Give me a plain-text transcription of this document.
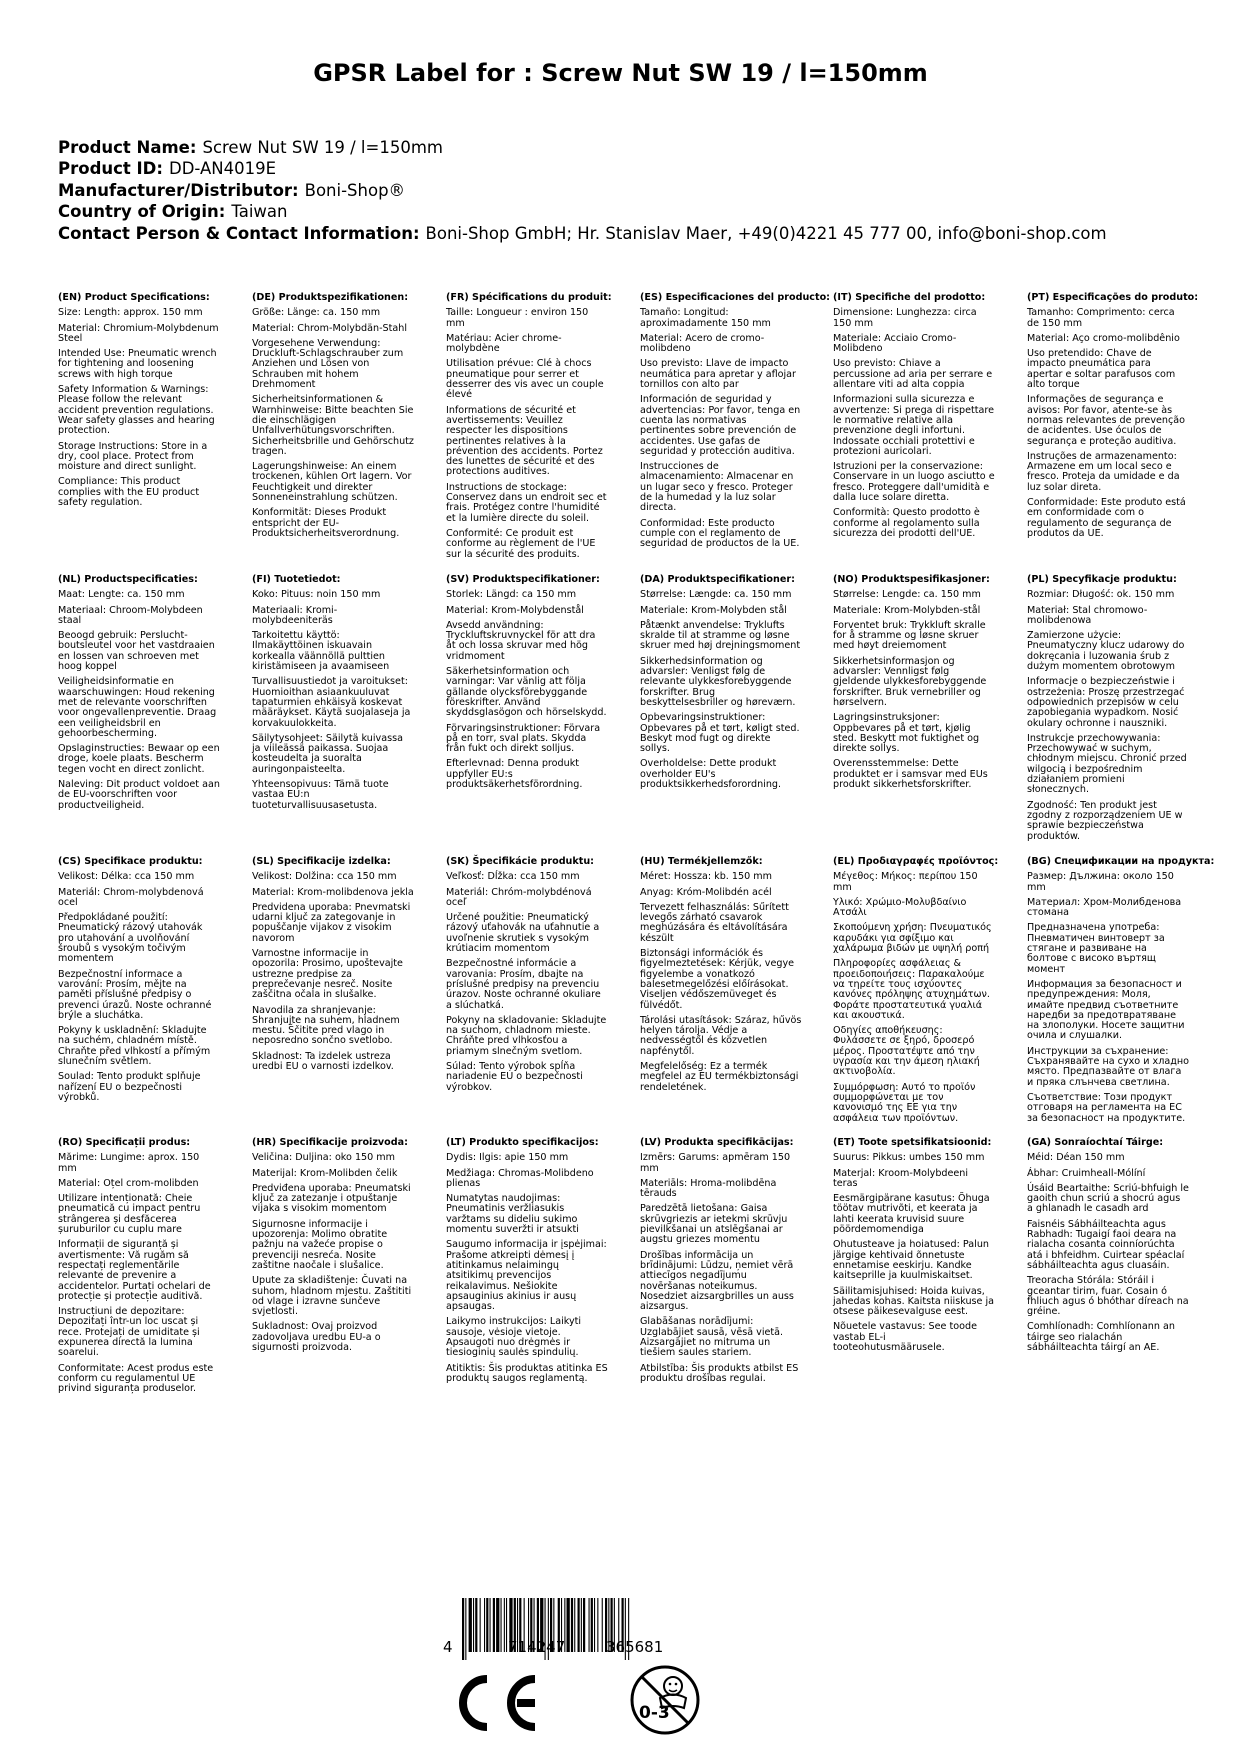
GPSR Label for : Screw Nut SW 19 / l=150mm
Product Name: Screw Nut SW 19 / l=150mm
Product ID: DD-AN4019E
Manufacturer/Distributor: Boni-Shop®
Country of Origin: Taiwan
Contact Person & Contact Information: Boni-Shop GmbH; Hr. Stanislav Maer, +49(0)4221 45 777 00, info@boni-shop.com
(EN) Product Specifications:
Size: Length: approx. 150 mm
Material: Chromium-Molybdenum Steel
Intended Use: Pneumatic wrench for tightening and loosening screws with high torque
Safety Information & Warnings: Please follow the relevant accident prevention regulations. Wear safety glasses and hearing protection.
Storage Instructions: Store in a dry, cool place. Protect from moisture and direct sunlight.
Compliance: This product complies with the EU product safety regulation.
(DE) Produktspezifikationen:
Größe: Länge: ca. 150 mm
Material: Chrom-Molybdän-Stahl
Vorgesehene Verwendung: Druckluft-Schlagschrauber zum Anziehen und Lösen von Schrauben mit hohem Drehmoment
Sicherheitsinformationen & Warnhinweise: Bitte beachten Sie die einschlägigen Unfallverhütungsvorschriften. Sicherheitsbrille und Gehörschutz tragen.
Lagerungshinweise: An einem trockenen, kühlen Ort lagern. Vor Feuchtigkeit und direkter Sonneneinstrahlung schützen.
Konformität: Dieses Produkt entspricht der EU-Produktsicherheitsverordnung.
(FR) Spécifications du produit:
Taille: Longueur : environ 150 mm
Matériau: Acier chrome-molybdène
Utilisation prévue: Clé à chocs pneumatique pour serrer et desserrer des vis avec un couple élevé
Informations de sécurité et avertissements: Veuillez respecter les dispositions pertinentes relatives à la prévention des accidents. Portez des lunettes de sécurité et des protections auditives.
Instructions de stockage: Conservez dans un endroit sec et frais. Protégez contre l'humidité et la lumière directe du soleil.
Conformité: Ce produit est conforme au règlement de l'UE sur la sécurité des produits.
(ES) Especificaciones del producto:
Tamaño: Longitud: aproximadamente 150 mm
Material: Acero de cromo-molibdeno
Uso previsto: Llave de impacto neumática para apretar y aflojar tornillos con alto par
Información de seguridad y advertencias: Por favor, tenga en cuenta las normativas pertinentes sobre prevención de accidentes. Use gafas de seguridad y protección auditiva.
Instrucciones de almacenamiento: Almacenar en un lugar seco y fresco. Proteger de la humedad y la luz solar directa.
Conformidad: Este producto cumple con el reglamento de seguridad de productos de la UE.
(IT) Specifiche del prodotto:
Dimensione: Lunghezza: circa 150 mm
Materiale: Acciaio Cromo-Molibdeno
Uso previsto: Chiave a percussione ad aria per serrare e allentare viti ad alta coppia
Informazioni sulla sicurezza e avvertenze: Si prega di rispettare le normative relative alla prevenzione degli infortuni. Indossate occhiali protettivi e protezioni auricolari.
Istruzioni per la conservazione: Conservare in un luogo asciutto e fresco. Proteggere dall'umidità e dalla luce solare diretta.
Conformità: Questo prodotto è conforme al regolamento sulla sicurezza dei prodotti dell'UE.
(PT) Especificações do produto:
Tamanho: Comprimento: cerca de 150 mm
Material: Aço cromo-molibdênio
Uso pretendido: Chave de impacto pneumática para apertar e soltar parafusos com alto torque
Informações de segurança e avisos: Por favor, atente-se às normas relevantes de prevenção de acidentes. Use óculos de segurança e proteção auditiva.
Instruções de armazenamento: Armazene em um local seco e fresco. Proteja da umidade e da luz solar direta.
Conformidade: Este produto está em conformidade com o regulamento de segurança de produtos da UE.
(NL) Productspecificaties:
Maat: Lengte: ca. 150 mm
Materiaal: Chroom-Molybdeen staal
Beoogd gebruik: Perslucht-boutsleutel voor het vastdraaien en lossen van schroeven met hoog koppel
Veiligheidsinformatie en waarschuwingen: Houd rekening met de relevante voorschriften voor ongevallenpreventie. Draag een veiligheidsbril en gehoorbescherming.
Opslaginstructies: Bewaar op een droge, koele plaats. Bescherm tegen vocht en direct zonlicht.
Naleving: Dit product voldoet aan de EU-voorschriften voor productveiligheid.
(FI) Tuotetiedot:
Koko: Pituus: noin 150 mm
Materiaali: Kromi-molybdeeniteräs
Tarkoitettu käyttö: Ilmakäyttöinen iskuavain korkealla väännöllä pulttien kiristämiseen ja avaamiseen
Turvallisuustiedot ja varoitukset: Huomioithan asiaankuuluvat tapaturmien ehkäisyä koskevat määräykset. Käytä suojalaseja ja korvakuulokkeita.
Säilytysohjeet: Säilytä kuivassa ja viileässä paikassa. Suojaa kosteudelta ja suoralta auringonpaisteelta.
Yhteensopivuus: Tämä tuote vastaa EU:n tuoteturvallisuusasetusta.
(SV) Produktspecifikationer:
Storlek: Längd: ca 150 mm
Material: Krom-Molybdenstål
Avsedd användning: Tryckluftskruvnyckel för att dra åt och lossa skruvar med hög vridmoment
Säkerhetsinformation och varningar: Var vänlig att följa gällande olycksförebyggande föreskrifter. Använd skyddsglasögon och hörselskydd.
Förvaringsinstruktioner: Förvara på en torr, sval plats. Skydda från fukt och direkt solljus.
Efterlevnad: Denna produkt uppfyller EU:s produktsäkerhetsförordning.
(DA) Produktspecifikationer:
Størrelse: Længde: ca. 150 mm
Materiale: Krom-Molybden stål
Påtænkt anvendelse: Tryklufts skralde til at stramme og løsne skruer med høj drejningsmoment
Sikkerhedsinformation og advarsler: Venligst følg de relevante ulykkesforebyggende forskrifter. Brug beskyttelsesbriller og høreværn.
Opbevaringsinstruktioner: Opbevares på et tørt, køligt sted. Beskyt mod fugt og direkte sollys.
Overholdelse: Dette produkt overholder EU's produktsikkerhedsforordning.
(NO) Produktspesifikasjoner:
Størrelse: Lengde: ca. 150 mm
Materiale: Krom-Molybden-stål
Forventet bruk: Trykkluft skralle for å stramme og løsne skruer med høyt dreiemoment
Sikkerhetsinformasjon og advarsler: Vennligst følg gjeldende ulykkesforebyggende forskrifter. Bruk vernebriller og hørselvern.
Lagringsinstruksjoner: Oppbevares på et tørt, kjølig sted. Beskytt mot fuktighet og direkte sollys.
Overensstemmelse: Dette produktet er i samsvar med EUs produkt sikkerhetsforskrifter.
(PL) Specyfikacje produktu:
Rozmiar: Długość: ok. 150 mm
Materiał: Stal chromowo-molibdenowa
Zamierzone użycie: Pneumatyczny klucz udarowy do dokręcania i luzowania śrub z dużym momentem obrotowym
Informacje o bezpieczeństwie i ostrzeżenia: Proszę przestrzegać odpowiednich przepisów w celu zapobiegania wypadkom. Nosić okulary ochronne i nauszniki.
Instrukcje przechowywania: Przechowywać w suchym, chłodnym miejscu. Chronić przed wilgocią i bezpośrednim działaniem promieni słonecznych.
Zgodność: Ten produkt jest zgodny z rozporządzeniem UE w sprawie bezpieczeństwa produktów.
(CS) Specifikace produktu:
Velikost: Délka: cca 150 mm
Materiál: Chrom-molybdenová ocel
Předpokládané použití: Pneumatický rázový utahovák pro utahování a uvolňování šroubů s vysokým točivým momentem
Bezpečnostní informace a varování: Prosím, mějte na paměti příslušné předpisy o prevenci úrazů. Noste ochranné brýle a sluchátka.
Pokyny k uskladnění: Skladujte na suchém, chladném místě. Chraňte před vlhkostí a přímým slunečním světlem.
Soulad: Tento produkt splňuje nařízení EU o bezpečnosti výrobků.
(SL) Specifikacije izdelka:
Velikost: Dolžina: cca 150 mm
Material: Krom-molibdenova jekla
Predvidena uporaba: Pnevmatski udarni ključ za zategovanje in popuščanje vijakov z visokim navorom
Varnostne informacije in opozorila: Prosimo, upoštevajte ustrezne predpise za preprečevanje nesreč. Nosite zaščitna očala in slušalke.
Navodila za shranjevanje: Shranjujte na suhem, hladnem mestu. Ščitite pred vlago in neposredno sončno svetlobo.
Skladnost: Ta izdelek ustreza uredbi EU o varnosti izdelkov.
(SK) Špecifikácie produktu:
Veľkosť: Dĺžka: cca 150 mm
Materiál: Chróm-molybdénová oceľ
Určené použitie: Pneumatický rázový uťahovák na uťahnutie a uvoľnenie skrutiek s vysokým krútiacim momentom
Bezpečnostné informácie a varovania: Prosím, dbajte na príslušné predpisy na prevenciu úrazov. Noste ochranné okuliare a slúchatká.
Pokyny na skladovanie: Skladujte na suchom, chladnom mieste. Chráňte pred vlhkosťou a priamym slnečným svetlom.
Súlad: Tento výrobok spĺňa nariadenie EÚ o bezpečnosti výrobkov.
(HU) Termékjellemzők:
Méret: Hossza: kb. 150 mm
Anyag: Króm-Molibdén acél
Tervezett felhasználás: Sűrített levegős zárható csavarok meghúzására és eltávolítására készült
Biztonsági információk és figyelmeztetések: Kérjük, vegye figyelembe a vonatkozó balesetmegelőzési előírásokat. Viseljen védőszemüveget és fülvédőt.
Tárolási utasítások: Száraz, hűvös helyen tárolja. Védje a nedvességtől és közvetlen napfénytől.
Megfelelőség: Ez a termék megfelel az EU termékbiztonsági rendeletének.
(EL) Προδιαγραφές προϊόντος:
Μέγεθος: Μήκος: περίπου 150 mm
Υλικό: Χρώμιο-Μολυβδαίνιο Ατσάλι
Σκοπούμενη χρήση: Πνευματικός καρυδάκι για σφίξιμο και χαλάρωμα βιδών με υψηλή ροπή
Πληροφορίες ασφάλειας & προειδοποιήσεις: Παρακαλούμε να τηρείτε τους ισχύοντες κανόνες πρόληψης ατυχημάτων. Φοράτε προστατευτικά γυαλιά και ακουστικά.
Οδηγίες αποθήκευσης: Φυλάσσετε σε ξηρό, δροσερό μέρος. Προστατέψτε από την υγρασία και την άμεση ηλιακή ακτινοβολία.
Συμμόρφωση: Αυτό το προϊόν συμμορφώνεται με τον κανονισμό της ΕΕ για την ασφάλεια των προϊόντων.
(BG) Спецификации на продукта:
Размер: Дължина: около 150 mm
Материал: Хром-Молибденова стомана
Предназначена употреба: Пневматичен винтоверт за стягане и развиване на болтове с високо въртящ момент
Информация за безопасност и предупреждения: Моля, имайте предвид съответните наредби за предотвратяване на злополуки. Носете защитни очила и слушалки.
Инструкции за съхранение: Съхранявайте на сухо и хладно място. Предпазвайте от влага и пряка слънчева светлина.
Съответствие: Този продукт отговаря на регламента на ЕС за безопасност на продуктите.
(RO) Specificații produs:
Mărime: Lungime: aprox. 150 mm
Material: Oțel crom-molibden
Utilizare intenționată: Cheie pneumatică cu impact pentru strângerea și desfăcerea șuruburilor cu cuplu mare
Informații de siguranță și avertismente: Vă rugăm să respectați reglementările relevante de prevenire a accidentelor. Purtați ochelari de protecție și protecție auditivă.
Instrucțiuni de depozitare: Depozitați într-un loc uscat și rece. Protejați de umiditate și expunerea directă la lumina soarelui.
Conformitate: Acest produs este conform cu regulamentul UE privind siguranța produselor.
(HR) Specifikacije proizvoda:
Veličina: Duljina: oko 150 mm
Materijal: Krom-Molibden čelik
Predviđena uporaba: Pneumatski ključ za zatezanje i otpuštanje vijaka s visokim momentom
Sigurnosne informacije i upozorenja: Molimo obratite pažnju na važeće propise o prevenciji nesreća. Nosite zaštitne naočale i slušalice.
Upute za skladištenje: Čuvati na suhom, hladnom mjestu. Zaštititi od vlage i izravne sunčeve svjetlosti.
Sukladnost: Ovaj proizvod zadovoljava uredbu EU-a o sigurnosti proizvoda.
(LT) Produkto specifikacijos:
Dydis: Ilgis: apie 150 mm
Medžiaga: Chromas-Molibdeno plienas
Numatytas naudojimas: Pneumatinis veržliasukis varžtams su dideliu sukimo momentu suveržti ir atsukti
Saugumo informacija ir įspėjimai: Prašome atkreipti dėmesį į atitinkamus nelaimingų atsitikimų prevencijos reikalavimus. Nešiokite apsauginius akinius ir ausų apsaugas.
Laikymo instrukcijos: Laikyti sausoje, vėsioje vietoje. Apsaugoti nuo drėgmės ir tiesioginių saulės spindulių.
Atitiktis: Šis produktas atitinka ES produktų saugos reglamentą.
(LV) Produkta specifikācijas:
Izmērs: Garums: apmēram 150 mm
Materiāls: Hroma-molibdēna tērauds
Paredzētā lietošana: Gaisa skrūvgriezis ar ietekmi skrūvju pievilkšanai un atslēgšanai ar augstu griezes momentu
Drošības informācija un brīdinājumi: Lūdzu, ņemiet vērā attiecīgos negadījumu novēršanas noteikumus. Nosedziet aizsargbrilles un auss aizsargus.
Glabāšanas norādījumi: Uzglabājiet sausā, vēsā vietā. Aizsargājiet no mitruma un tiešiem saules stariem.
Atbilstība: Šis produkts atbilst ES produktu drošības regulai.
(ET) Toote spetsifikatsioonid:
Suurus: Pikkus: umbes 150 mm
Materjal: Kroom-Molybdeeni teras
Eesmärgipärane kasutus: Õhuga töötav mutrivõti, et keerata ja lahti keerata kruvisid suure pöördemomendiga
Ohutusteave ja hoiatused: Palun järgige kehtivaid õnnetuste ennetamise eeskirju. Kandke kaitseprille ja kuulmiskaitset.
Säilitamisjuhised: Hoida kuivas, jahedas kohas. Kaitsta niiskuse ja otsese päikesevalguse eest.
Nõuetele vastavus: See toode vastab EL-i tooteohutusmäärusele.
(GA) Sonraíochtaí Táirge:
Méid: Déan 150 mm
Ábhar: Cruimheall-Mólíní
Úsáid Beartaithe: Scriú-bhfuigh le gaoith chun scriú a shocrú agus a ghlanadh le casadh ard
Faisnéis Sábháilteachta agus Rabhadh: Tugaigí faoi deara na rialacha cosanta coinníorúchta atá i bhfeidhm. Cuirtear spéaclaí sábháilteachta agus cluasáin.
Treoracha Stórála: Stóráil i gceantar tirim, fuar. Cosain ó fhliuch agus ó bhóthar díreach na gréine.
Comhlíonadh: Comhlíonann an táirge seo rialachán sábháilteachta táirgí an AE.
4	714247	365681
0-3
